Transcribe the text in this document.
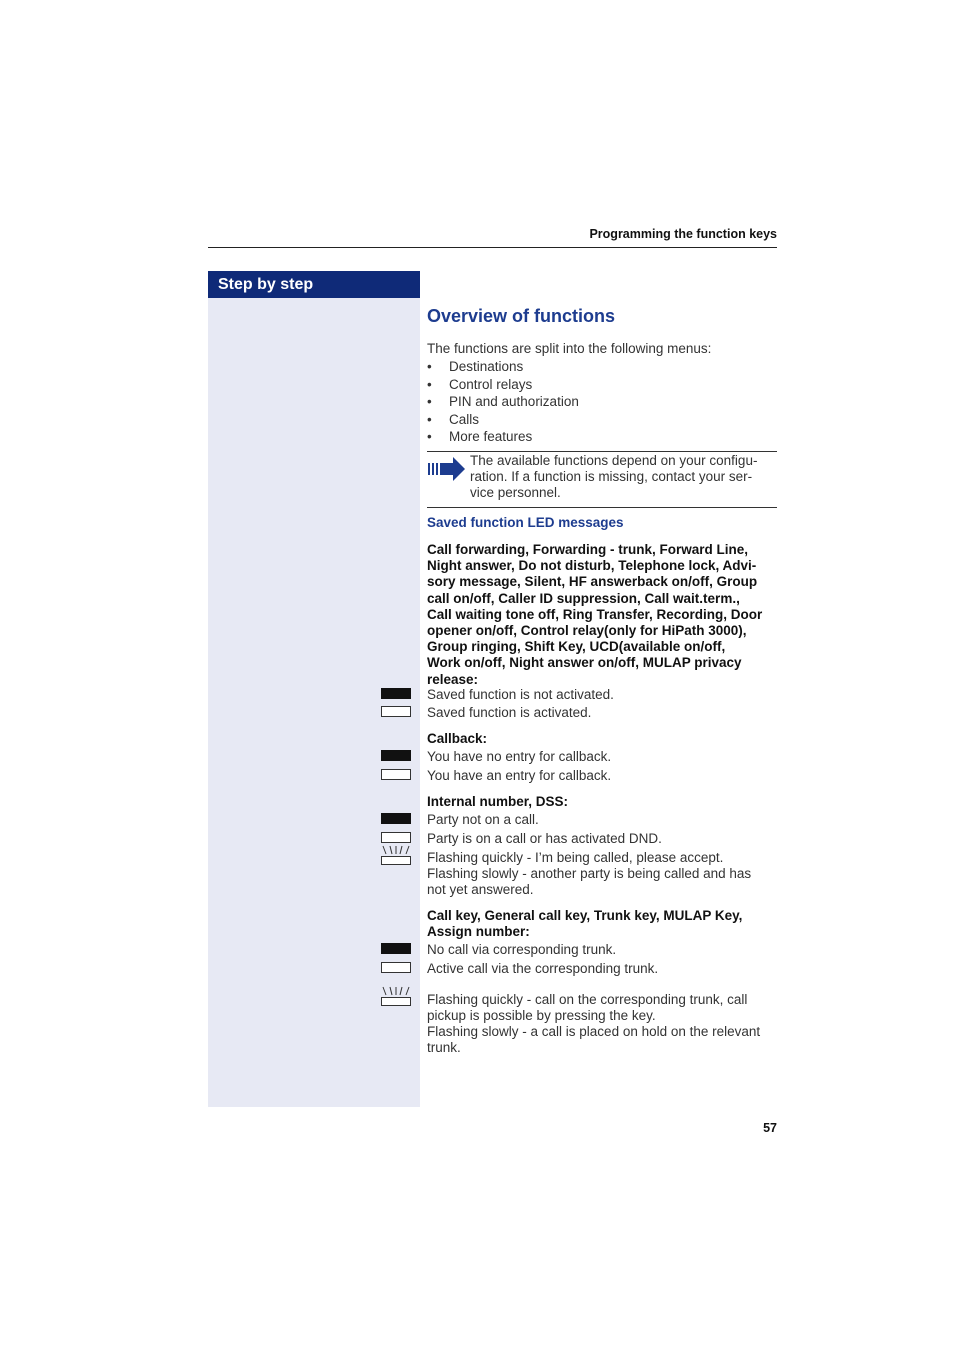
Programming the function keys
Step by step
Overview of functions
The functions are split into the following menus:
• Destinations
• Control relays
• PIN and authorization
• Calls
• More features
The available functions depend on your configu-
ration. If a function is missing, contact your ser-
vice personnel.
Saved function LED messages
Call forwarding, Forwarding - trunk, Forward Line,
Night answer, Do not disturb, Telephone lock, Advi-
sory message, Silent, HF answerback on/off, Group
call on/off, Caller ID suppression, Call wait.term.,
Call waiting tone off, Ring Transfer, Recording, Door
opener on/off, Control relay(only for HiPath 3000),
Group ringing, Shift Key, UCD(available on/off,
Work on/off, Night answer on/off, MULAP privacy
release:
Saved function is not activated.
Saved function is activated.
Callback:
You have no entry for callback.
You have an entry for callback.
Internal number, DSS:
Party not on a call.
Party is on a call or has activated DND.
Flashing quickly - I’m being called, please accept.
Flashing slowly - another party is being called and has
not yet answered.
Call key, General call key, Trunk key, MULAP Key,
Assign number:
No call via corresponding trunk.
Active call via the corresponding trunk.
Flashing quickly - call on the corresponding trunk, call
pickup is possible by pressing the key.
Flashing slowly - a call is placed on hold on the relevant
trunk.
57
